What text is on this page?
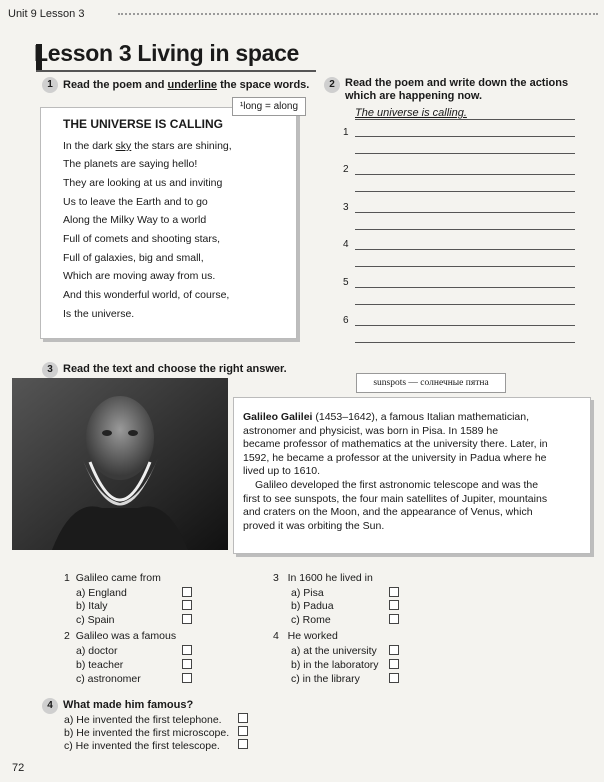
Unit 9 Lesson 3
Lesson 3 Living in space
1 Read the poem and underline the space words.
¹long = along
THE UNIVERSE IS CALLING
In the dark sky the stars are shining,
The planets are saying hello!
They are looking at us and inviting
Us to leave the Earth and to go
Along the Milky Way to a world
Full of comets and shooting stars,
Full of galaxies, big and small,
Which are moving away from us.
And this wonderful world, of course,
Is the universe.
2 Read the poem and write down the actions
which are happening now.
The universe is calling.
1
2
3
4
5
6
3 Read the text and choose the right answer.
sunspots — солнечные пятна
Galileo Galilei (1453–1642), a famous Italian mathematician,
astronomer and physicist, was born in Pisa. In 1589 he
became professor of mathematics at the university there. Later, in
1592, he became a professor at the university in Padua where he
lived up to 1610.
Galileo developed the first astronomic telescope and was the
first to see sunspots, the four main satellites of Jupiter, mountains
and craters on the Moon, and the appearance of Venus, which
proved it was orbiting the Sun.
1 Galileo came from
a) England
b) Italy
c) Spain
2 Galileo was a famous
a) doctor
b) teacher
c) astronomer
3 In 1600 he lived in
a) Pisa
b) Padua
c) Rome
4 He worked
a) at the university
b) in the laboratory
c) in the library
4 What made him famous?
a) He invented the first telephone.
b) He invented the first microscope.
c) He invented the first telescope.
72
